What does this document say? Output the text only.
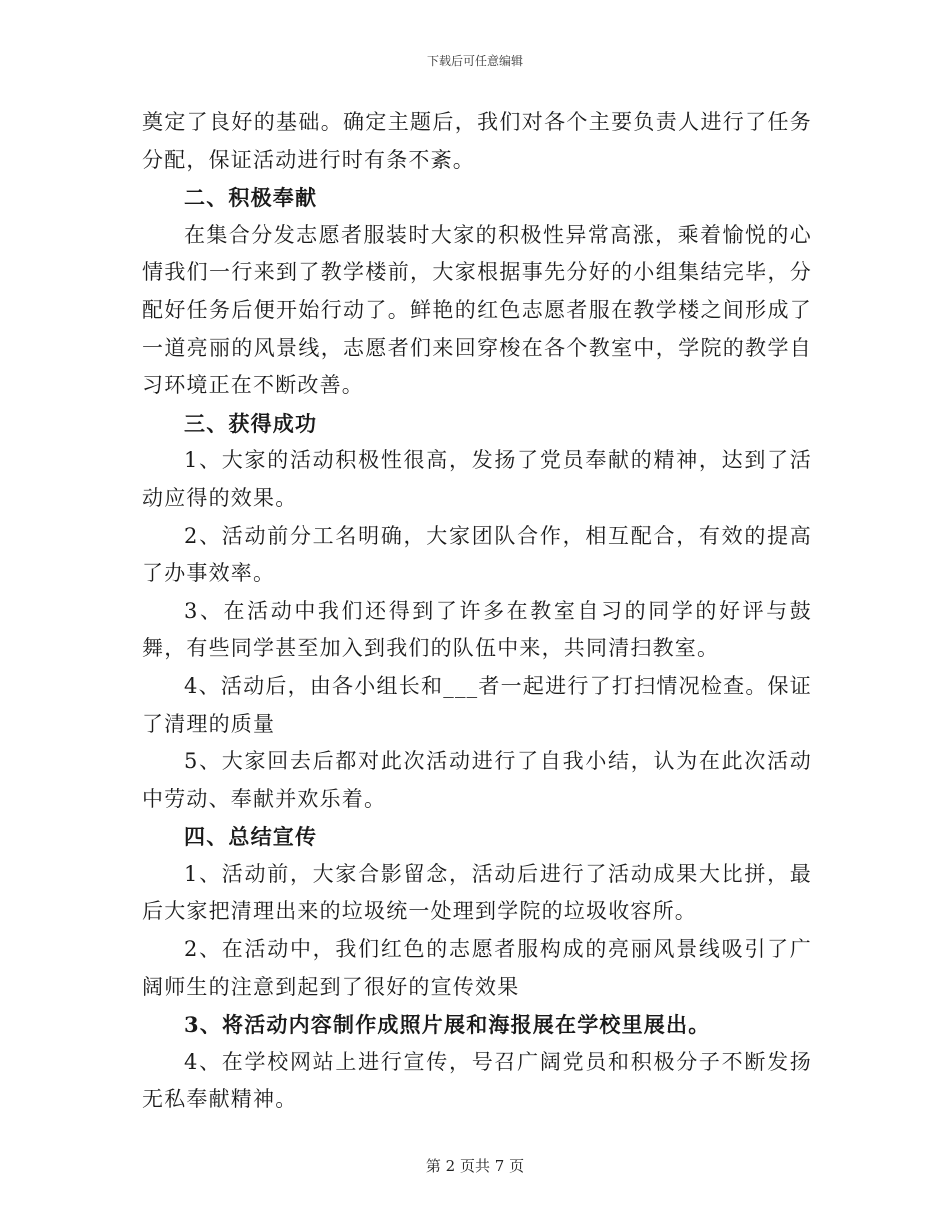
下载后可任意编辑

奠定了良好的基础。确定主题后，我们对各个主要负责人进行了任务分配，保证活动进行时有条不紊。

二、积极奉献

在集合分发志愿者服装时大家的积极性异常高涨，乘着愉悦的心情我们一行来到了教学楼前，大家根据事先分好的小组集结完毕，分配好任务后便开始行动了。鲜艳的红色志愿者服在教学楼之间形成了一道亮丽的风景线，志愿者们来回穿梭在各个教室中，学院的教学自习环境正在不断改善。

三、获得成功

1、大家的活动积极性很高，发扬了党员奉献的精神，达到了活动应得的效果。

2、活动前分工名明确，大家团队合作，相互配合，有效的提高了办事效率。

3、在活动中我们还得到了许多在教室自习的同学的好评与鼓舞，有些同学甚至加入到我们的队伍中来，共同清扫教室。

4、活动后，由各小组长和___者一起进行了打扫情况检查。保证了清理的质量

5、大家回去后都对此次活动进行了自我小结，认为在此次活动中劳动、奉献并欢乐着。

四、总结宣传

1、活动前，大家合影留念，活动后进行了活动成果大比拼，最后大家把清理出来的垃圾统一处理到学院的垃圾收容所。

2、在活动中，我们红色的志愿者服构成的亮丽风景线吸引了广阔师生的注意到起到了很好的宣传效果

3、将活动内容制作成照片展和海报展在学校里展出。

4、在学校网站上进行宣传，号召广阔党员和积极分子不断发扬无私奉献精神。

第 2 页共 7 页
